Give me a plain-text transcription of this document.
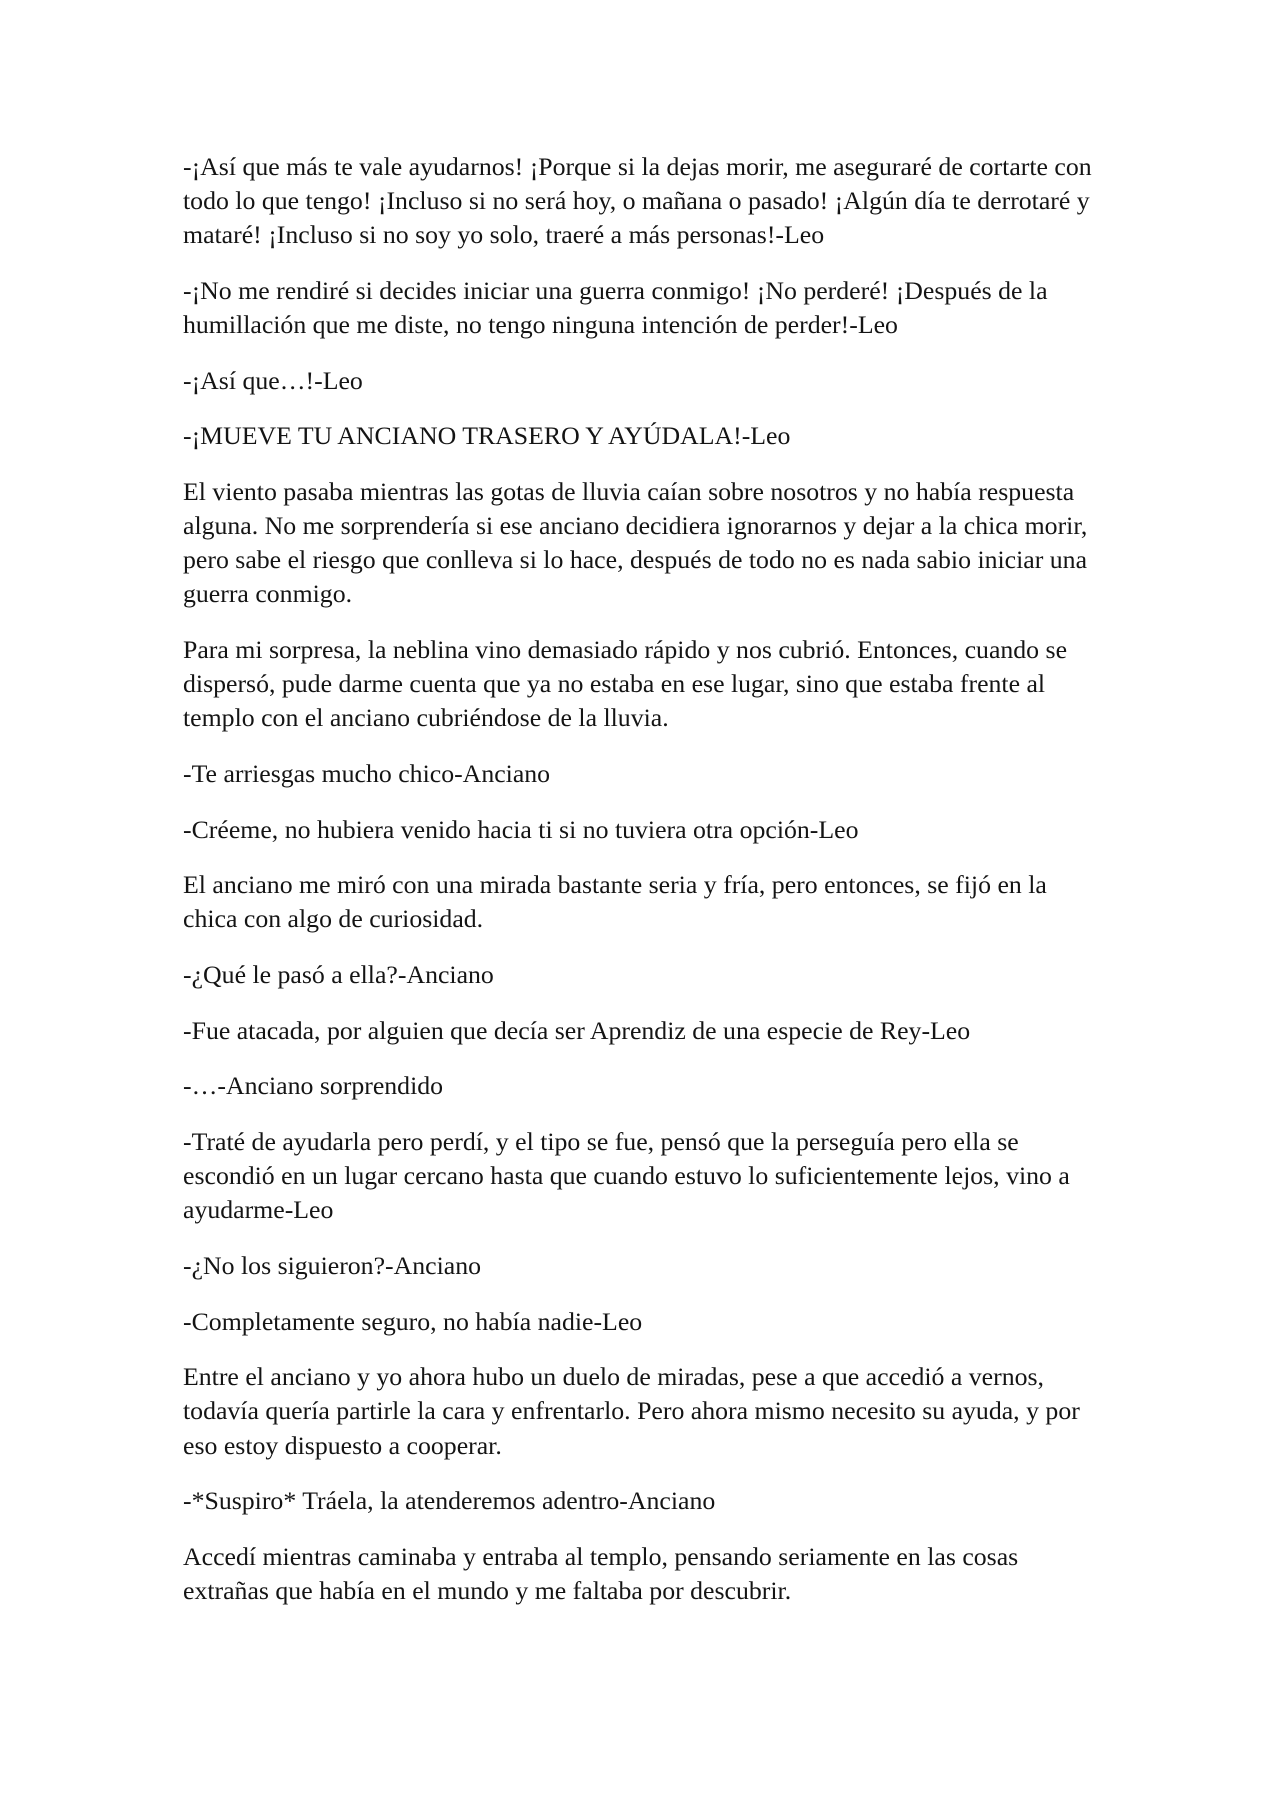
-¡Así que más te vale ayudarnos! ¡Porque si la dejas morir, me aseguraré de cortarte con todo lo que tengo! ¡Incluso si no será hoy, o mañana o pasado! ¡Algún día te derrotaré y mataré! ¡Incluso si no soy yo solo, traeré a más personas!-Leo

-¡No me rendiré si decides iniciar una guerra conmigo! ¡No perderé! ¡Después de la humillación que me diste, no tengo ninguna intención de perder!-Leo

-¡Así que…!-Leo

-¡MUEVE TU ANCIANO TRASERO Y AYÚDALA!-Leo

El viento pasaba mientras las gotas de lluvia caían sobre nosotros y no había respuesta alguna. No me sorprendería si ese anciano decidiera ignorarnos y dejar a la chica morir, pero sabe el riesgo que conlleva si lo hace, después de todo no es nada sabio iniciar una guerra conmigo.

Para mi sorpresa, la neblina vino demasiado rápido y nos cubrió. Entonces, cuando se dispersó, pude darme cuenta que ya no estaba en ese lugar, sino que estaba frente al templo con el anciano cubriéndose de la lluvia.

-Te arriesgas mucho chico-Anciano

-Créeme, no hubiera venido hacia ti si no tuviera otra opción-Leo

El anciano me miró con una mirada bastante seria y fría, pero entonces, se fijó en la chica con algo de curiosidad.

-¿Qué le pasó a ella?-Anciano

-Fue atacada, por alguien que decía ser Aprendiz de una especie de Rey-Leo

-…-Anciano sorprendido

-Traté de ayudarla pero perdí, y el tipo se fue, pensó que la perseguía pero ella se escondió en un lugar cercano hasta que cuando estuvo lo suficientemente lejos, vino a ayudarme-Leo

-¿No los siguieron?-Anciano

-Completamente seguro, no había nadie-Leo

Entre el anciano y yo ahora hubo un duelo de miradas, pese a que accedió a vernos, todavía quería partirle la cara y enfrentarlo. Pero ahora mismo necesito su ayuda, y por eso estoy dispuesto a cooperar.

-*Suspiro* Tráela, la atenderemos adentro-Anciano

Accedí mientras caminaba y entraba al templo, pensando seriamente en las cosas extrañas que había en el mundo y me faltaba por descubrir.
